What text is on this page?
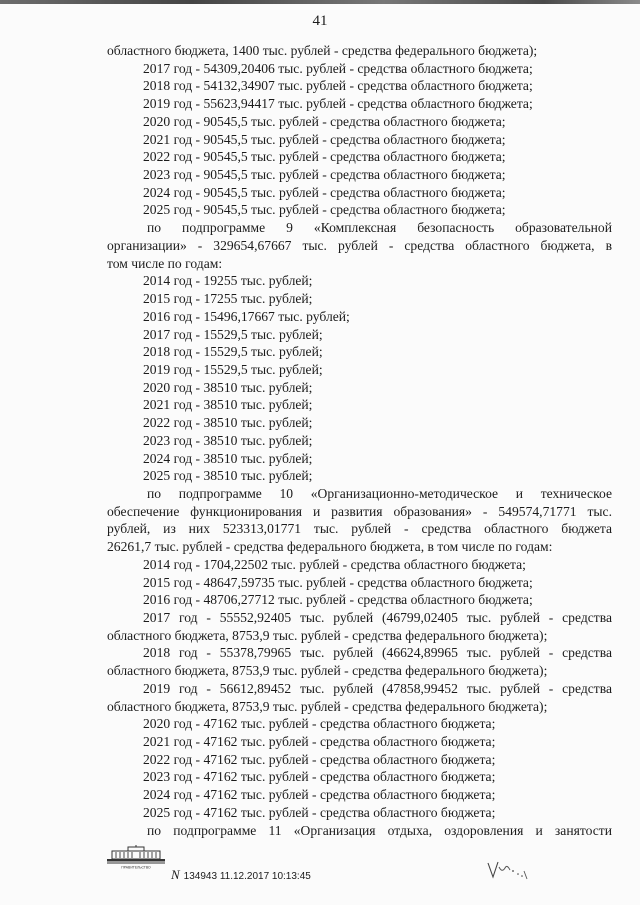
41
областного бюджета, 1400 тыс. рублей - средства федерального бюджета);
2017 год - 54309,20406 тыс. рублей - средства областного бюджета;
2018 год - 54132,34907 тыс. рублей - средства областного бюджета;
2019 год - 55623,94417 тыс. рублей - средства областного бюджета;
2020 год - 90545,5 тыс. рублей - средства областного бюджета;
2021 год - 90545,5 тыс. рублей - средства областного бюджета;
2022 год - 90545,5 тыс. рублей - средства областного бюджета;
2023 год - 90545,5 тыс. рублей - средства областного бюджета;
2024 год - 90545,5 тыс. рублей - средства областного бюджета;
2025 год - 90545,5 тыс. рублей - средства областного бюджета;
по подпрограмме 9 «Комплексная безопасность образовательной
организации» - 329654,67667 тыс. рублей - средства областного бюджета, в
том числе по годам:
2014 год - 19255 тыс. рублей;
2015 год - 17255 тыс. рублей;
2016 год - 15496,17667 тыс. рублей;
2017 год - 15529,5 тыс. рублей;
2018 год - 15529,5 тыс. рублей;
2019 год - 15529,5 тыс. рублей;
2020 год - 38510 тыс. рублей;
2021 год - 38510 тыс. рублей;
2022 год - 38510 тыс. рублей;
2023 год - 38510 тыс. рублей;
2024 год - 38510 тыс. рублей;
2025 год - 38510 тыс. рублей;
по подпрограмме 10 «Организационно-методическое и техническое
обеспечение функционирования и развития образования» - 549574,71771 тыс.
рублей, из них 523313,01771 тыс. рублей - средства областного бюджета
26261,7 тыс. рублей - средства федерального бюджета, в том числе по годам:
2014 год - 1704,22502 тыс. рублей - средства областного бюджета;
2015 год - 48647,59735 тыс. рублей - средства областного бюджета;
2016 год - 48706,27712 тыс. рублей - средства областного бюджета;
2017 год - 55552,92405 тыс. рублей (46799,02405 тыс. рублей - средства
областного бюджета, 8753,9 тыс. рублей - средства федерального бюджета);
2018 год - 55378,79965 тыс. рублей (46624,89965 тыс. рублей - средства
областного бюджета, 8753,9 тыс. рублей - средства федерального бюджета);
2019 год - 56612,89452 тыс. рублей (47858,99452 тыс. рублей - средства
областного бюджета, 8753,9 тыс. рублей - средства федерального бюджета);
2020 год - 47162 тыс. рублей - средства областного бюджета;
2021 год - 47162 тыс. рублей - средства областного бюджета;
2022 год - 47162 тыс. рублей - средства областного бюджета;
2023 год - 47162 тыс. рублей - средства областного бюджета;
2024 год - 47162 тыс. рублей - средства областного бюджета;
2025 год - 47162 тыс. рублей - средства областного бюджета;
по подпрограмме 11 «Организация отдыха, оздоровления и занятости
ПРАВИТЕЛЬСТВО N 134943 11.12.2017 10:13:45
